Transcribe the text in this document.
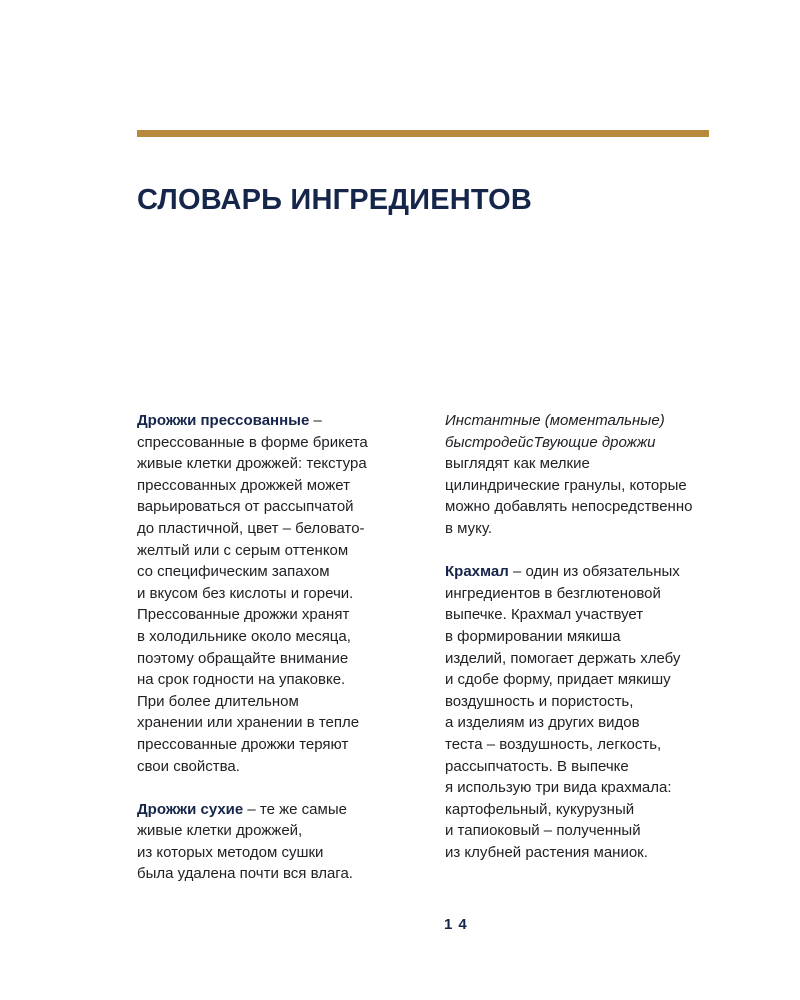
СЛОВАРЬ ИНГРЕДИЕНТОВ
Дрожжи прессованные –
спрессованные в форме брикета
живые клетки дрожжей: текстура
прессованных дрожжей может
варьироваться от рассыпчатой
до пластичной, цвет – беловато-
желтый или с серым оттенком
со специфическим запахом
и вкусом без кислоты и горечи.
Прессованные дрожжи хранят
в холодильнике около месяца,
поэтому обращайте внимание
на срок годности на упаковке.
При более длительном
хранении или хранении в тепле
прессованные дрожжи теряют
свои свойства.
Дрожжи сухие – те же самые
живые клетки дрожжей,
из которых методом сушки
была удалена почти вся влага.
Инстантные (моментальные)
быстродейсТвующие дрожжи
выглядят как мелкие
цилиндрические гранулы, которые
можно добавлять непосредственно
в муку.
Крахмал – один из обязательных
ингредиентов в безглютеновой
выпечке. Крахмал участвует
в формировании мякиша
изделий, помогает держать хлебу
и сдобе форму, придает мякишу
воздушность и пористость,
а изделиям из других видов
теста – воздушность, легкость,
рассыпчатость. В выпечке
я использую три вида крахмала:
картофельный, кукурузный
и тапиоковый – полученный
из клубней растения маниок.
14
